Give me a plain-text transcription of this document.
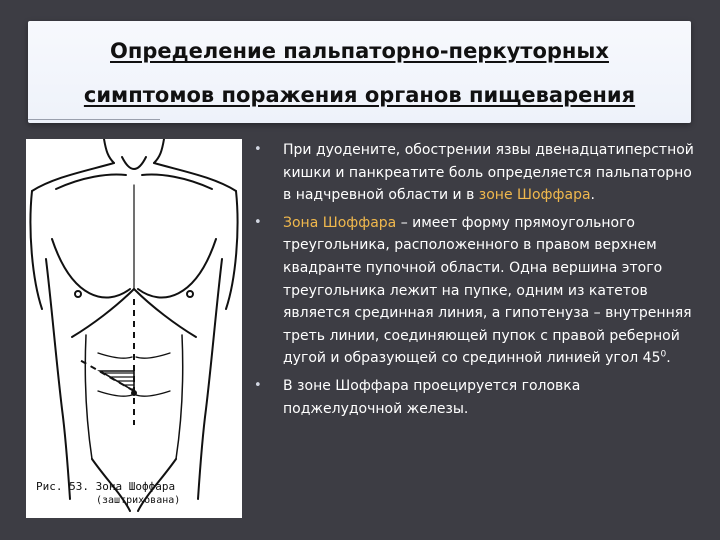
Определение пальпаторно-перкуторных
симптомов поражения органов пищеварения
Рис. 53. Зона Шоффара
(заштрихована)
• При дуодените, обострении язвы двенадцатиперстной кишки и панкреатите боль определяется пальпаторно в надчревной области и в зоне Шоффара.
• Зона Шоффара – имеет форму прямоугольного треугольника, расположенного в правом верхнем квадранте пупочной области. Одна вершина этого треугольника лежит на пупке, одним из катетов является срединная линия, а гипотенуза – внутренняя треть линии, соединяющей пупок с правой реберной дугой и образующей со срединной линией угол $45^0$.
• В зоне Шоффара проецируется головка поджелудочной железы.
